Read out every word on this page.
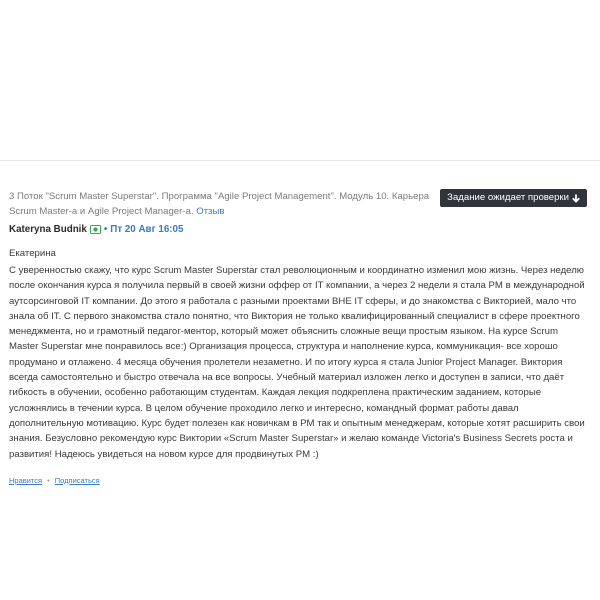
3 Поток "Scrum Master Superstar". Программа "Agile Project Management". Модуль 10. Карьера Scrum Master-а и Agile Project Manager-а. Отзыв
Задание ожидает проверки
Kateryna Budnik • Пт 20 Авг 16:05
Екатерина
С уверенностью скажу, что курс Scrum Master Superstar стал революционным и координатно изменил мою жизнь. Через неделю после окончания курса я получила первый в своей жизни оффер от IT компании, а через 2 недели я стала PM в международной аутсорсинговой IT компании. До этого я работала с разными проектами ВНЕ IT сферы, и до знакомства с Викторией, мало что знала об IT. С первого знакомства стало понятно, что Виктория не только квалифицированный специалист в сфере проектного менеджмента, но и грамотный педагог-ментор, который может объяснить сложные вещи простым языком. На курсе Scrum Master Superstar мне понравилось все:) Организация процесса, структура и наполнение курса, коммуникация- все хорошо продумано и отлажено. 4 месяца обучения пролетели незаметно. И по итогу курса я стала Junior Project Manager. Виктория всегда самостоятельно и быстро отвечала на все вопросы. Учебный материал изложен легко и доступен в записи, что даёт гибкость в обучении, особенно работающим студентам. Каждая лекция подкреплена практическим заданием, которые усложнялись в течении курса. В целом обучение проходило легко и интересно, командный формат работы давал дополнительную мотивацию. Курс будет полезен как новичкам в PM так и опытным менеджерам, которые хотят расширить свои знания. Безусловно рекомендую курс Виктории «Scrum Master Superstar» и желаю команде Victoria's Business Secrets роста и развития! Надеюсь увидеться на новом курсе для продвинутых PM :)
Нравится • Подписаться
